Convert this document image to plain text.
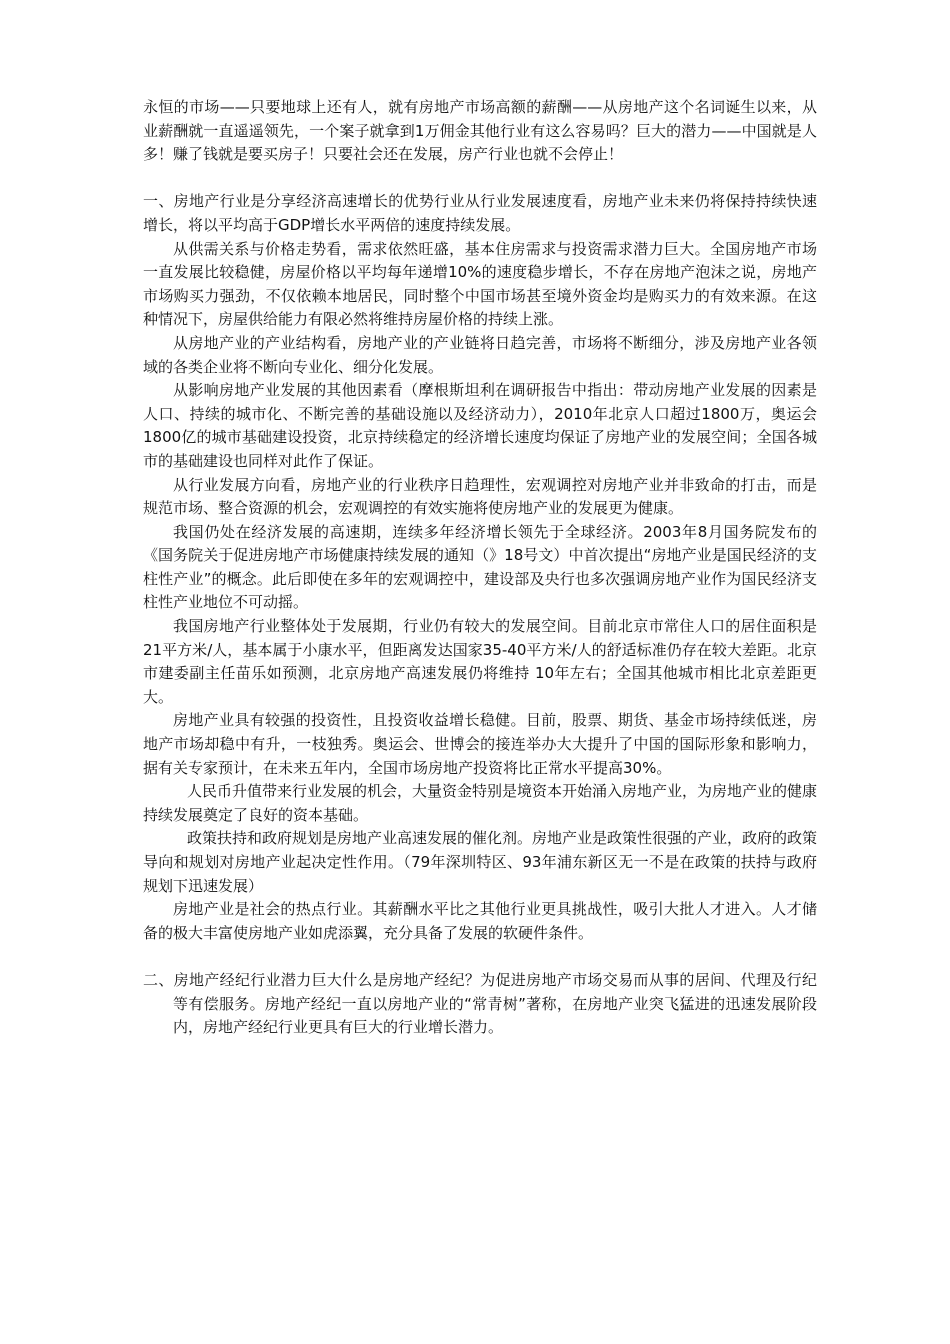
永恒的市场——只要地球上还有人，就有房地产市场高额的薪酬——从房地产这个名词诞生以来，从业薪酬就一直遥遥领先，一个案子就拿到1万佣金其他行业有这么容易吗？巨大的潜力——中国就是人多！赚了钱就是要买房子！只要社会还在发展，房产行业也就不会停止！

一、房地产行业是分享经济高速增长的优势行业从行业发展速度看，房地产业未来仍将保持持续快速增长，将以平均高于GDP增长水平两倍的速度持续发展。

从供需关系与价格走势看，需求依然旺盛，基本住房需求与投资需求潜力巨大。全国房地产市场一直发展比较稳健，房屋价格以平均每年递增10%的速度稳步增长，不存在房地产泡沫之说，房地产市场购买力强劲，不仅依赖本地居民，同时整个中国市场甚至境外资金均是购买力的有效来源。在这种情况下，房屋供给能力有限必然将维持房屋价格的持续上涨。

从房地产业的产业结构看，房地产业的产业链将日趋完善，市场将不断细分，涉及房地产业各领域的各类企业将不断向专业化、细分化发展。

从影响房地产业发展的其他因素看（摩根斯坦利在调研报告中指出：带动房地产业发展的因素是人口、持续的城市化、不断完善的基础设施以及经济动力），2010年北京人口超过1800万，奥运会1800亿的城市基础建设投资，北京持续稳定的经济增长速度均保证了房地产业的发展空间；全国各城市的基础建设也同样对此作了保证。

从行业发展方向看，房地产业的行业秩序日趋理性，宏观调控对房地产业并非致命的打击，而是规范市场、整合资源的机会，宏观调控的有效实施将使房地产业的发展更为健康。

我国仍处在经济发展的高速期，连续多年经济增长领先于全球经济。2003年8月国务院发布的《国务院关于促进房地产市场健康持续发展的通知（》18号文）中首次提出“房地产业是国民经济的支柱性产业”的概念。此后即使在多年的宏观调控中，建设部及央行也多次强调房地产业作为国民经济支柱性产业地位不可动摇。

我国房地产行业整体处于发展期，行业仍有较大的发展空间。目前北京市常住人口的居住面积是21平方米/人，基本属于小康水平，但距离发达国家35-40平方米/人的舒适标准仍存在较大差距。北京市建委副主任苗乐如预测，北京房地产高速发展仍将维持 10年左右；全国其他城市相比北京差距更大。

房地产业具有较强的投资性，且投资收益增长稳健。目前，股票、期货、基金市场持续低迷，房地产市场却稳中有升，一枝独秀。奥运会、世博会的接连举办大大提升了中国的国际形象和影响力，据有关专家预计，在未来五年内，全国市场房地产投资将比正常水平提高30%。

人民币升值带来行业发展的机会，大量资金特别是境资本开始涌入房地产业，为房地产业的健康持续发展奠定了良好的资本基础。

政策扶持和政府规划是房地产业高速发展的催化剂。房地产业是政策性很强的产业，政府的政策导向和规划对房地产业起决定性作用。（79年深圳特区、93年浦东新区无一不是在政策的扶持与政府规划下迅速发展）

房地产业是社会的热点行业。其薪酬水平比之其他行业更具挑战性，吸引大批人才进入。人才储备的极大丰富使房地产业如虎添翼，充分具备了发展的软硬件条件。

二、房地产经纪行业潜力巨大什么是房地产经纪？为促进房地产市场交易而从事的居间、代理及行纪等有偿服务。房地产经纪一直以房地产业的“常青树”著称，在房地产业突飞猛进的迅速发展阶段内，房地产经纪行业更具有巨大的行业增长潜力。
